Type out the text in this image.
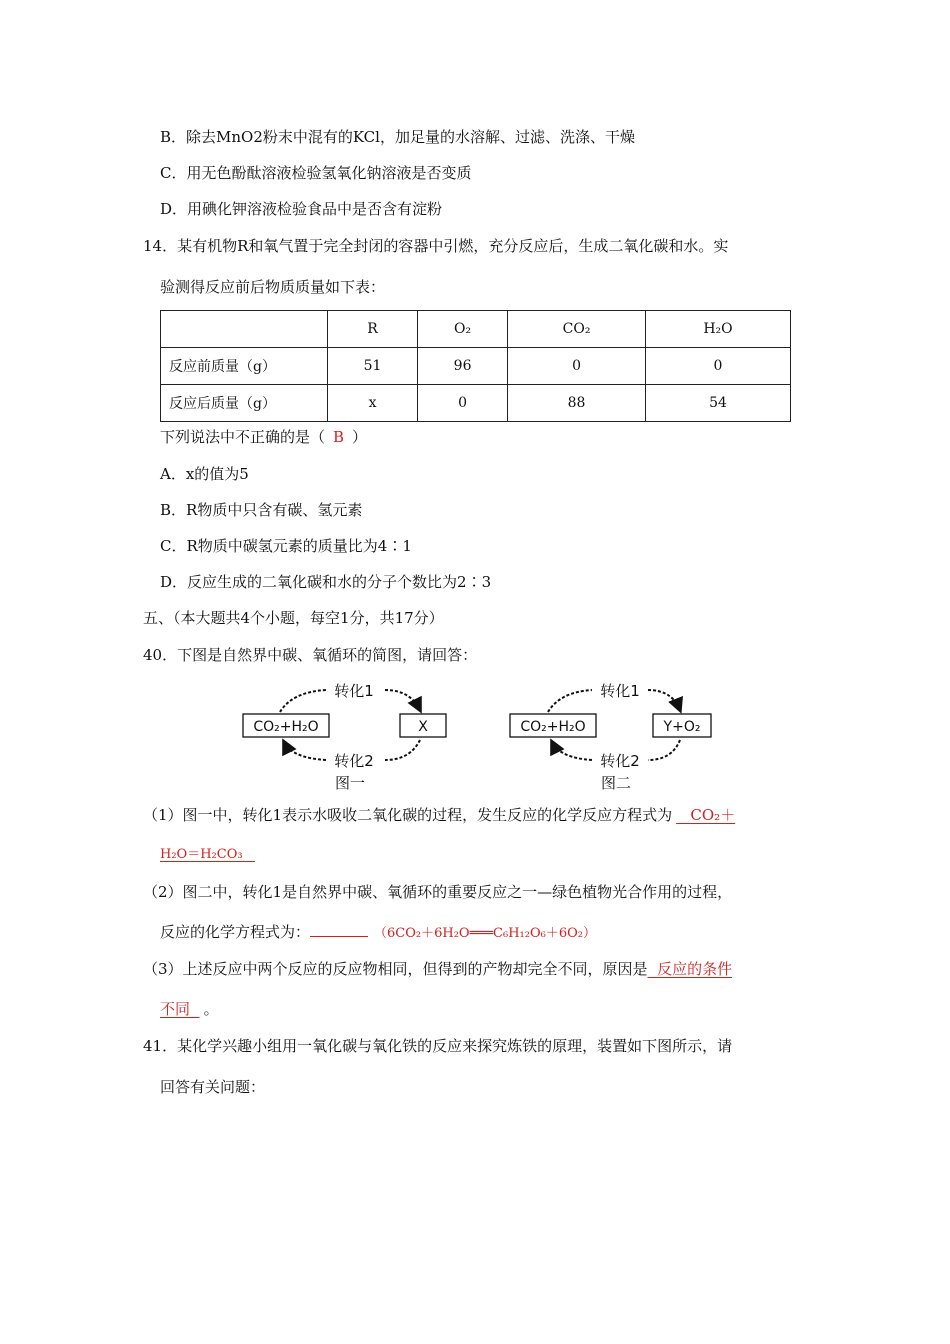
B．除去MnO2粉末中混有的KCl，加足量的水溶解、过滤、洗涤、干燥
C．用无色酚酞溶液检验氢氧化钠溶液是否变质
D．用碘化钾溶液检验食品中是否含有淀粉
14．某有机物R和氧气置于完全封闭的容器中引燃，充分反应后，生成二氧化碳和水。实
验测得反应前后物质质量如下表：
	R	O₂	CO₂	H₂O
反应前质量（g）	51	96	0	0
反应后质量（g）	x	0	88	54
下列说法中不正确的是（ B ）
A．x的值为5
B．R物质中只含有碳、氢元素
C．R物质中碳氢元素的质量比为4∶1
D．反应生成的二氧化碳和水的分子个数比为2∶3
五、（本大题共4个小题，每空1分，共17分）
40．下图是自然界中碳、氧循环的简图，请回答：
CO₂+H₂O	X
转化1
转化2
图一
CO₂+H₂O	Y+O₂
转化1
转化2
图二
（1）图一中，转化1表示水吸收二氧化碳的过程，发生反应的化学反应方程式为 CO₂＋
H₂O＝H₂CO₃
（2）图二中，转化1是自然界中碳、氧循环的重要反应之一—绿色植物光合作用的过程，
反应的化学方程式为：	（6CO₂＋6H₂O═══C₆H₁₂O₆＋6O₂）
（3）上述反应中两个反应的反应物相同，但得到的产物却完全不同，原因是 反应的条件
不同 。
41．某化学兴趣小组用一氧化碳与氧化铁的反应来探究炼铁的原理，装置如下图所示，请
回答有关问题：
